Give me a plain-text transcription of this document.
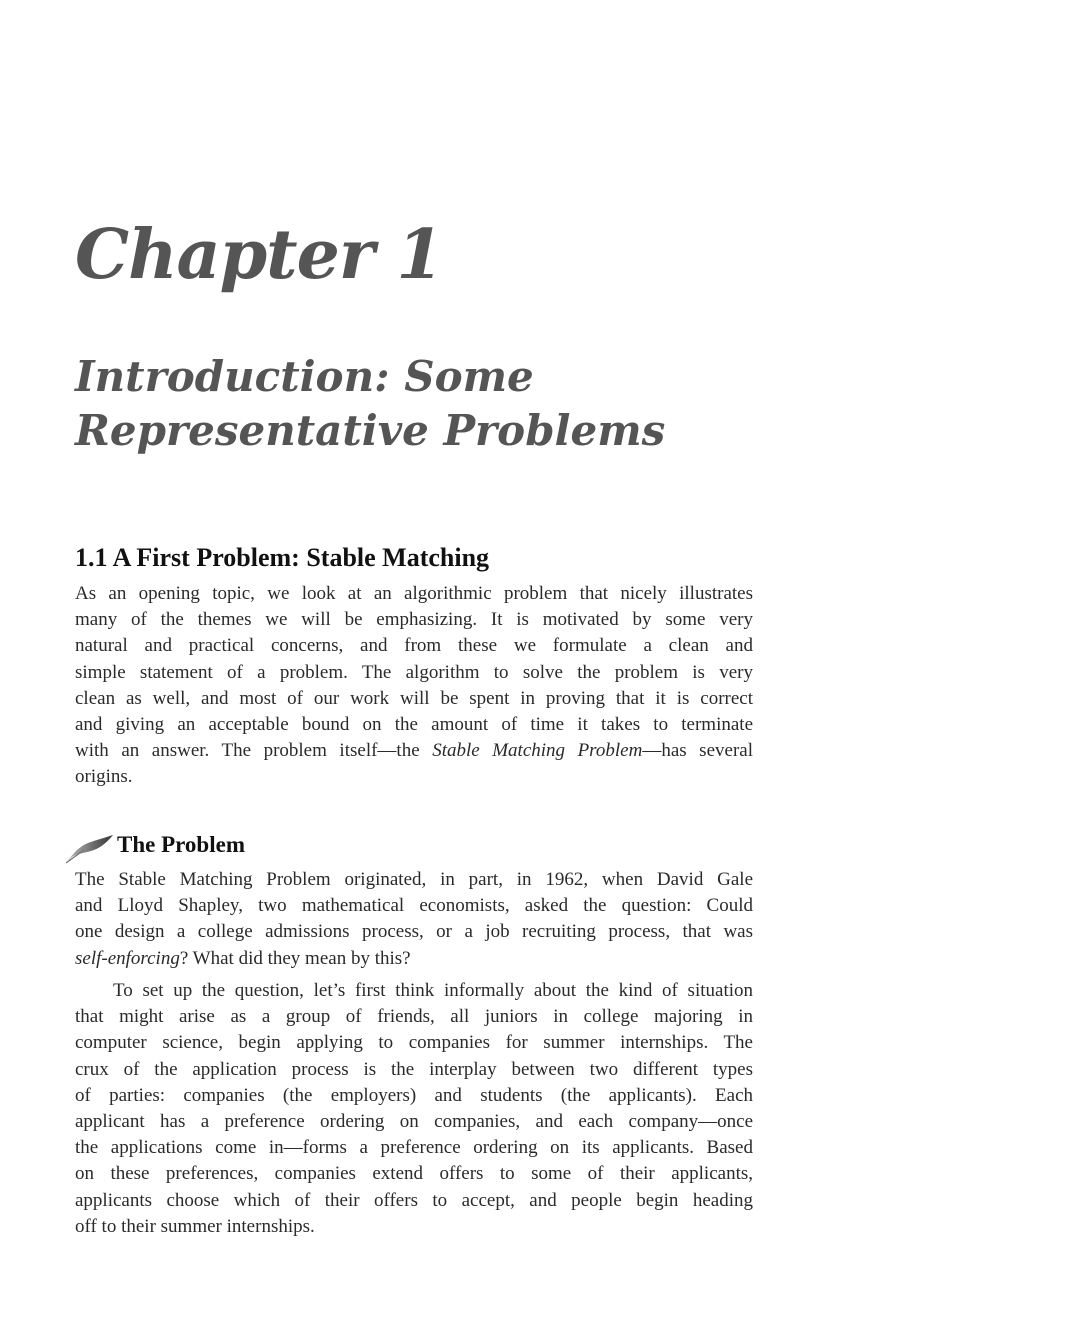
Chapter 1
Introduction: Some
Representative Problems
1.1 A First Problem: Stable Matching
As an opening topic, we look at an algorithmic problem that nicely illustrates
many of the themes we will be emphasizing. It is motivated by some very
natural and practical concerns, and from these we formulate a clean and
simple statement of a problem. The algorithm to solve the problem is very
clean as well, and most of our work will be spent in proving that it is correct
and giving an acceptable bound on the amount of time it takes to terminate
with an answer. The problem itself—the Stable Matching Problem—has several
origins.
The Problem
The Stable Matching Problem originated, in part, in 1962, when David Gale
and Lloyd Shapley, two mathematical economists, asked the question: Could
one design a college admissions process, or a job recruiting process, that was
self-enforcing? What did they mean by this?
To set up the question, let’s first think informally about the kind of situation
that might arise as a group of friends, all juniors in college majoring in
computer science, begin applying to companies for summer internships. The
crux of the application process is the interplay between two different types
of parties: companies (the employers) and students (the applicants). Each
applicant has a preference ordering on companies, and each company—once
the applications come in—forms a preference ordering on its applicants. Based
on these preferences, companies extend offers to some of their applicants,
applicants choose which of their offers to accept, and people begin heading
off to their summer internships.
